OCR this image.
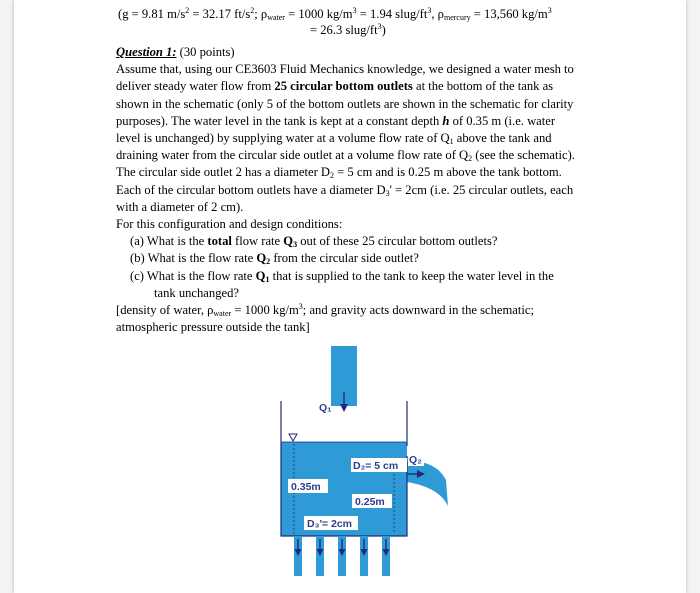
(g = 9.81 $m/s^2 = 32.17$ $ft/s^2$; $\rho_{water} = 1000$ $kg/m^3 = 1.94$ slug/$ft^3$, $\rho_{mercury} = 13,560$ $kg/m^3$
= 26.3 slug/$ft^3$)
Question 1: (30 points)
Assume that, using our CE3603 Fluid Mechanics knowledge, we designed a water mesh to
deliver steady water flow from 25 circular bottom outlets at the bottom of the tank as
shown in the schematic (only 5 of the bottom outlets are shown in the schematic for clarity
purposes). The water level in the tank is kept at a constant depth h of 0.35 m (i.e. water
level is unchanged) by supplying water at a volume flow rate of $Q_1$ above the tank and
draining water from the circular side outlet at a volume flow rate of $Q_2$ (see the schematic).
The circular side outlet 2 has a diameter $D_2 = 5$ cm and is 0.25 m above the tank bottom.
Each of the circular bottom outlets have a diameter $D_3' = 2cm$ (i.e. 25 circular outlets, each
with a diameter of 2 cm).
For this configuration and design conditions:
(a) What is the total flow rate $Q_3$ out of these 25 circular bottom outlets?
(b) What is the flow rate $Q_2$ from the circular side outlet?
(c) What is the flow rate $Q_1$ that is supplied to the tank to keep the water level in the
tank unchanged?
[density of water, $\rho_{water} = 1000$ $kg/m^3$; and gravity acts downward in the schematic;
atmospheric pressure outside the tank]
Q₁
D₂= 5 cm Q₂
0.35m
0.25m
D₃'= 2cm
